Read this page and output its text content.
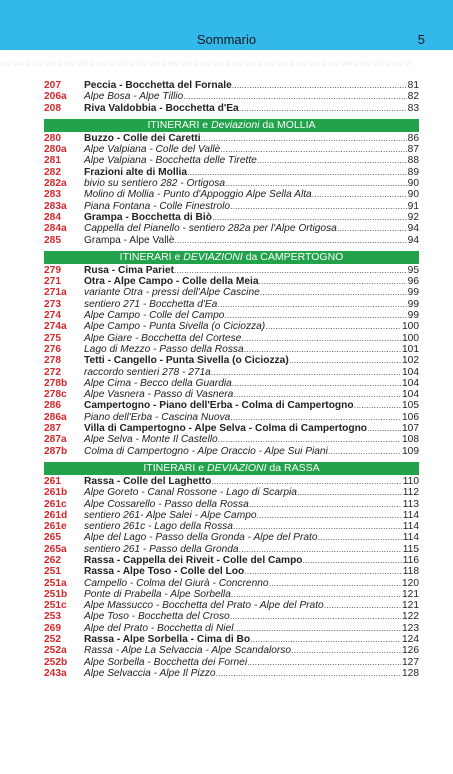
Sommario	5
○○○○○○○○○○○○○○○○○○○○○○○○○○○○○○○○○○○○○○○○○○○○○○○○○○○○○○○○○○○○○○○○
207	Peccia - Bocchetta del Fornale .....	81
206a	Alpe Bosa - Alpe Tillio .....	82
208	Riva Valdobbia - Bocchetta d'Ea .....	83
ITINERARI e Deviazioni da MOLLIA
280	Buzzo - Colle dei Caretti .....	86
280a	Alpe Valpiana - Colle del Vallè .....	87
281	Alpe Valpiana - Bocchetta delle Tirette .....	88
282	Frazioni alte di Mollia .....	89
282a	bivio su sentiero 282 - Ortigosa .....	90
283	Molino di Mollia - Punto d'Appoggio Alpe Sella Alta .....	90
283a	Piana Fontana - Colle Finestrolo .....	91
284	Grampa - Bocchetta di Biò .....	92
284a	Cappella del Pianello - sentiero 282a per l'Alpe Ortigosa .....	94
285	Grampa - Alpe Vallè .....	94
ITINERARI e DEVIAZIONI da CAMPERTOGNO
279	Rusa - Cima Pariet .....	95
271	Otra - Alpe Campo - Colle della Meia .....	96
271a	variante Otra - pressi dell'Alpe Cascine .....	99
273	sentiero 271 - Bocchetta d'Ea .....	99
274	Alpe Campo - Colle del Campo .....	99
274a	Alpe Campo - Punta Sivella (o Ciciozza) .....	100
275	Alpe Giare - Bocchetta del Cortese .....	100
276	Lago di Mezzo - Passo della Rossa .....	101
278	Tetti - Cangello - Punta Sivella (o Ciciozza) .....	102
272	raccordo sentieri 278 - 271a .....	104
278b	Alpe Cima - Becco della Guardia .....	104
278c	Alpe Vasnera - Passo di Vasnera .....	104
286	Campertogno - Piano dell'Erba - Colma di Campertogno .....	105
286a	Piano dell'Erba - Cascina Nuova .....	106
287	Villa di Campertogno - Alpe Selva - Colma di Campertogno .....	107
287a	Alpe Selva - Monte Il Castello .....	108
287b	Colma di Campertogno - Alpe Oraccio - Alpe Sui Piani .....	109
ITINERARI e DEVIAZIONI da RASSA
261	Rassa - Colle del Laghetto .....	110
261b	Alpe Goreto - Canal Rossone - Lago di Scarpia .....	112
261c	Alpe Cossarello - Passo della Rossa .....	113
261d	sentiero 261- Alpe Salei - Alpe Campo .....	114
261e	sentiero 261c - Lago della Rossa .....	114
265	Alpe del Lago - Passo della Gronda - Alpe del Prato .....	114
265a	sentiero 261 - Passo della Gronda .....	115
262	Rassa - Cappella dei Riveit - Colle del Campo .....	116
251	Rassa - Alpe Toso - Colle del Loo .....	118
251a	Campello - Colma del Giurà - Concrenno .....	120
251b	Ponte di Prabella - Alpe Sorbella .....	121
251c	Alpe Massucco - Bocchetta del Prato - Alpe del Prato .....	121
253	Alpe Toso - Bocchetta del Croso .....	122
269	Alpe del Prato - Bocchetta di Niel .....	123
252	Rassa - Alpe Sorbella - Cima di Bo .....	124
252a	Rassa - Alpe La Selvaccia - Alpe Scandalorso .....	126
252b	Alpe Sorbella - Bocchetta dei Fornei .....	127
243a	Alpe Selvaccia - Alpe Il Pizzo .....	128
